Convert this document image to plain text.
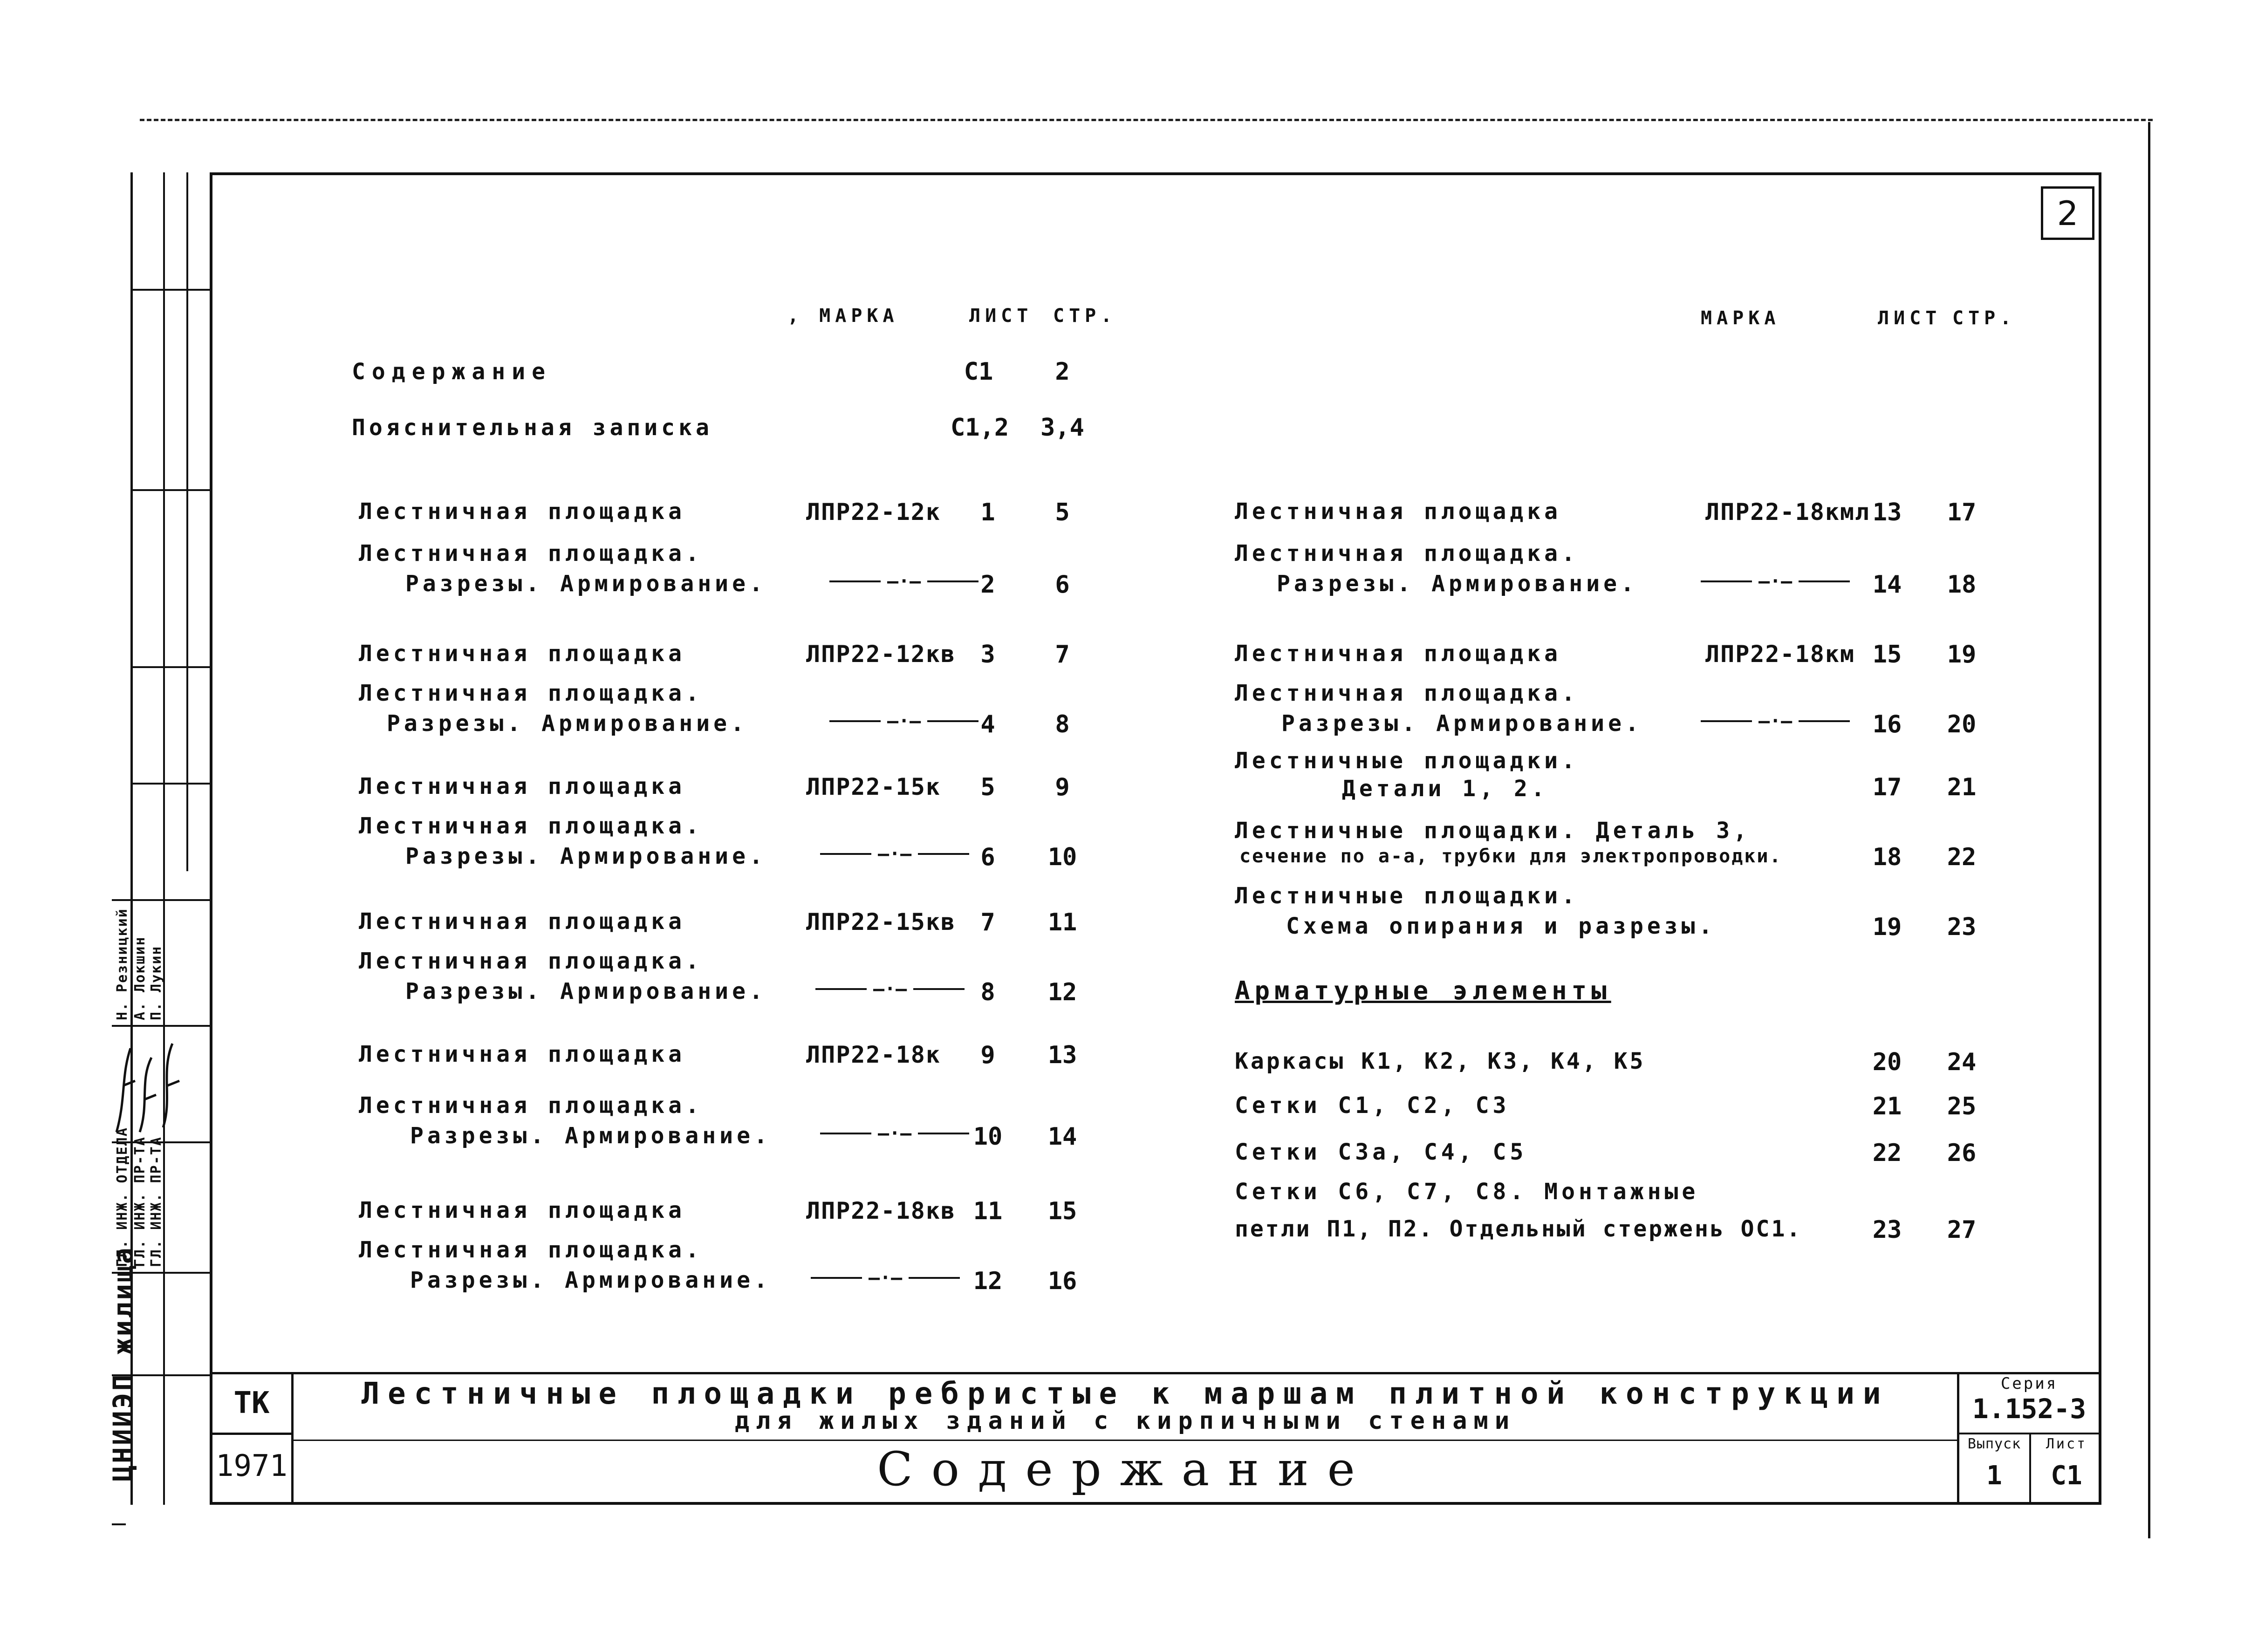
2
ГЛ. ИНЖ. ОТДЕЛА ГЛ. ИНЖ. ПР-ТА ГЛ. ИНЖ. ПР-ТА
Н. Резницкий А. Локшин П. Лукин
ЦНИИЭП жилища
, МАРКА	ЛИСТ СТР.	МАРКА	ЛИСТ СТР.
Содержание	С1	2
Пояснительная записка	С1,2 3,4
Лестничная площадка	ЛПР22-12к	1	5
Лестничная площадка.
Разрезы. Армирование.	—·—	2	6
Лестничная площадка	ЛПР22-12кв	3	7
Лестничная площадка.
Разрезы. Армирование.	—·—	4	8
Лестничная площадка	ЛПР22-15к	5	9
Лестничная площадка.
Разрезы. Армирование.	—·—	6	10
Лестничная площадка	ЛПР22-15кв	7	11
Лестничная площадка.
Разрезы. Армирование.	—·—	8	12
Лестничная площадка	ЛПР22-18к	9	13
Лестничная площадка.
Разрезы. Армирование.	—·—	10	14
Лестничная площадка	ЛПР22-18кв 11	15
Лестничная площадка.
Разрезы. Армирование.	—·—	12	16
Лестничная площадка	ЛПР22-18кмл 13	17
Лестничная площадка.
Разрезы. Армирование.	—·—	14	18
Лестничная площадка	ЛПР22-18км 15	19
Лестничная площадка.
Разрезы. Армирование.	—·—	16	20
Лестничные площадки.
Детали 1, 2.	17	21
Лестничные площадки. Деталь 3,
сечение по а-а, трубки для электропроводки.	18	22
Лестничные площадки.
Схема опирания и разрезы.	19	23
Арматурные элементы
Каркасы К1, К2, К3, К4, К5	20	24
Сетки С1, С2, С3	21	25
Сетки С3а, С4, С5	22	26
Сетки С6, С7, С8. Монтажные
петли П1, П2. Отдельный стержень ОС1.	23	27
ТК
1971
Лестничные площадки ребристые к маршам плитной конструкции
для жилых зданий с кирпичными стенами
Содержание
Серия
1.152-3
Выпуск
1
Лист
С1
